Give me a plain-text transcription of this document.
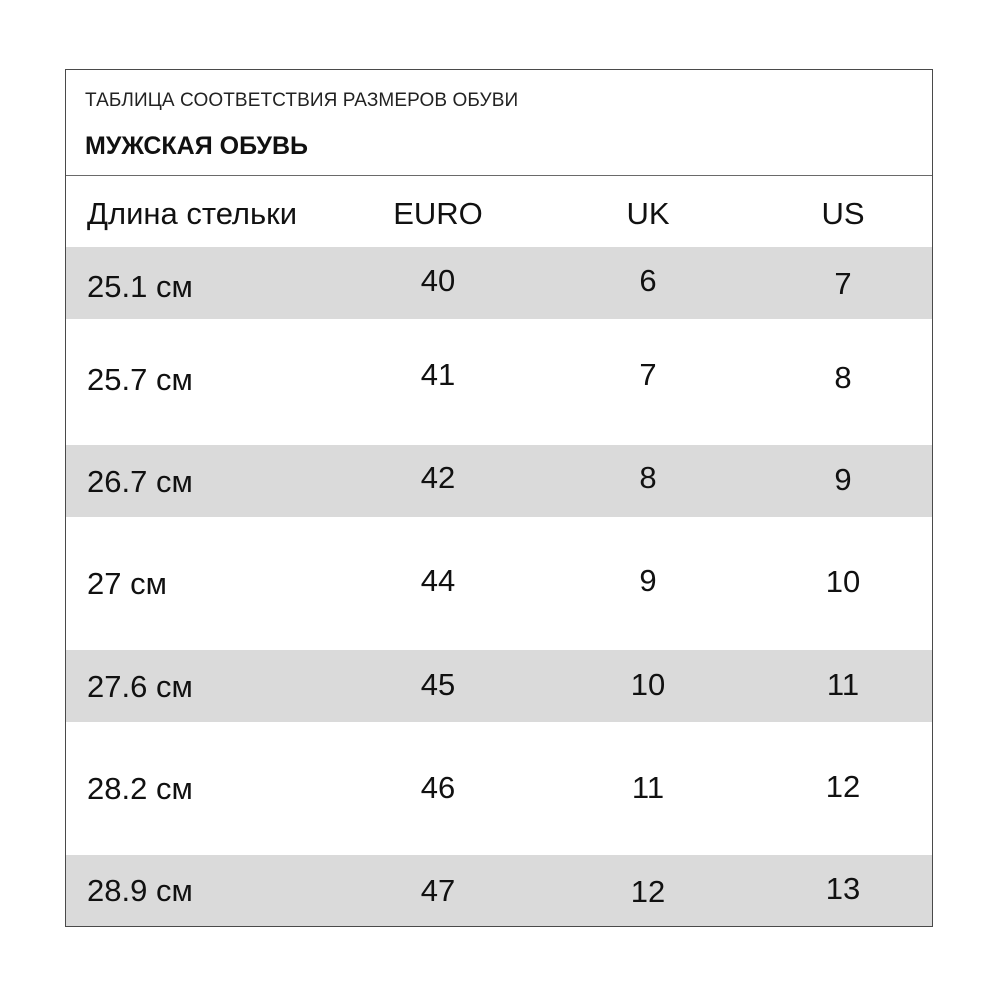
ТАБЛИЦА СООТВЕТСТВИЯ РАЗМЕРОВ ОБУВИ
МУЖСКАЯ ОБУВЬ
Длина стельки	EURO	UK	US
25.1 см	40	6	7
25.7 см	41	7	8
26.7 см	42	8	9
27 см	44	9	10
27.6 см	45	10	11
28.2 см	46	11	12
28.9 см	47	12	13
